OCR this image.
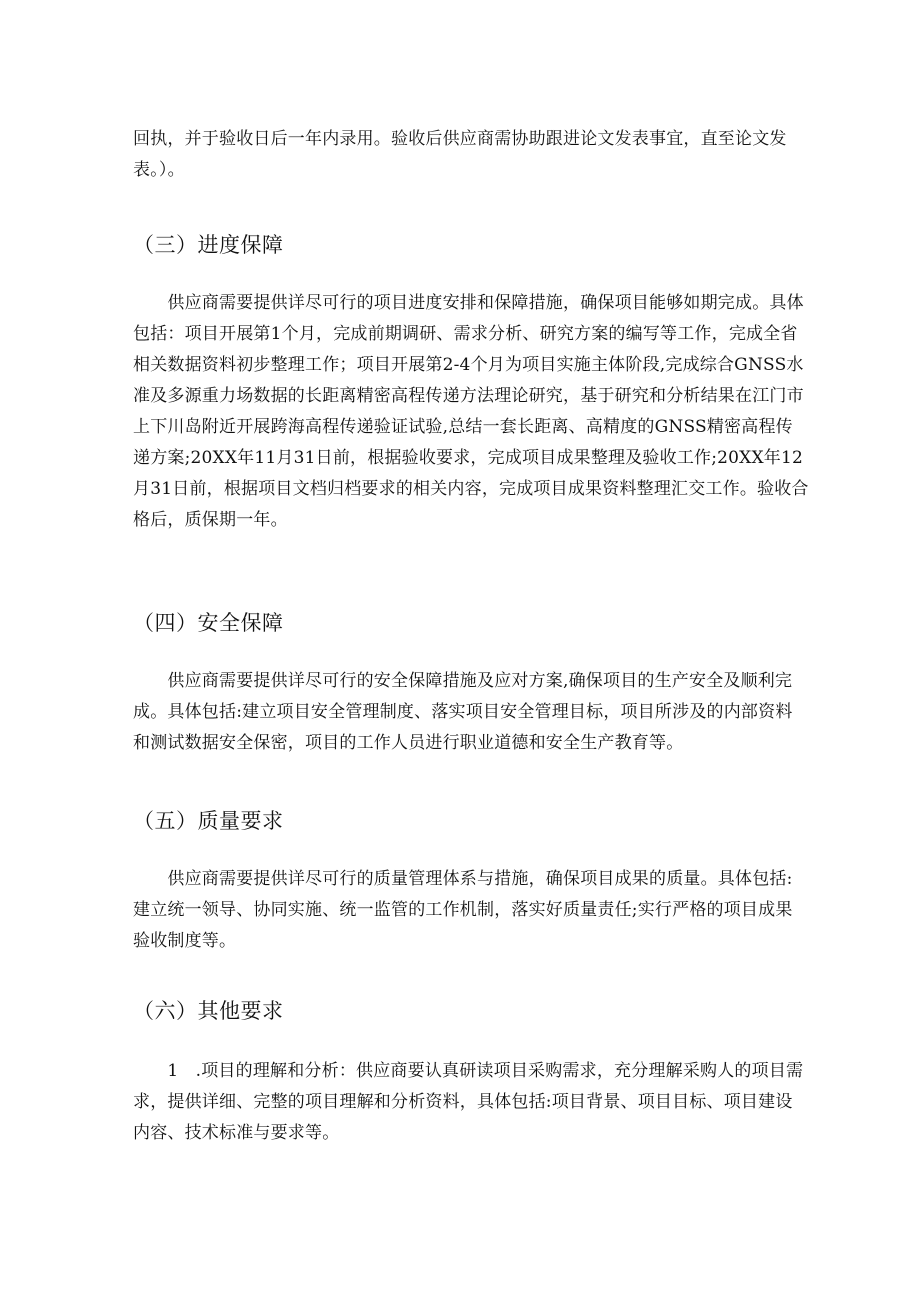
回执，并于验收日后一年内录用。验收后供应商需协助跟进论文发表事宜，直至论文发
表。）。

（三）进度保障

　　供应商需要提供详尽可行的项目进度安排和保障措施，确保项目能够如期完成。具体
包括：项目开展第1个月，完成前期调研、需求分析、研究方案的编写等工作，完成全省
相关数据资料初步整理工作；项目开展第2-4个月为项目实施主体阶段,完成综合GNSS水
准及多源重力场数据的长距离精密高程传递方法理论研究，基于研究和分析结果在江门市
上下川岛附近开展跨海高程传递验证试验,总结一套长距离、高精度的GNSS精密高程传
递方案;20XX年11月31日前，根据验收要求，完成项目成果整理及验收工作;20XX年12
月31日前，根据项目文档归档要求的相关内容，完成项目成果资料整理汇交工作。验收合
格后，质保期一年。

（四）安全保障

　　供应商需要提供详尽可行的安全保障措施及应对方案,确保项目的生产安全及顺利完
成。具体包括:建立项目安全管理制度、落实项目安全管理目标，项目所涉及的内部资料
和测试数据安全保密，项目的工作人员进行职业道德和安全生产教育等。

（五）质量要求

　　供应商需要提供详尽可行的质量管理体系与措施，确保项目成果的质量。具体包括:
建立统一领导、协同实施、统一监管的工作机制，落实好质量责任;实行严格的项目成果
验收制度等。

（六）其他要求

　　1　.项目的理解和分析：供应商要认真研读项目采购需求，充分理解采购人的项目需
求，提供详细、完整的项目理解和分析资料，具体包括:项目背景、项目目标、项目建设
内容、技术标准与要求等。
